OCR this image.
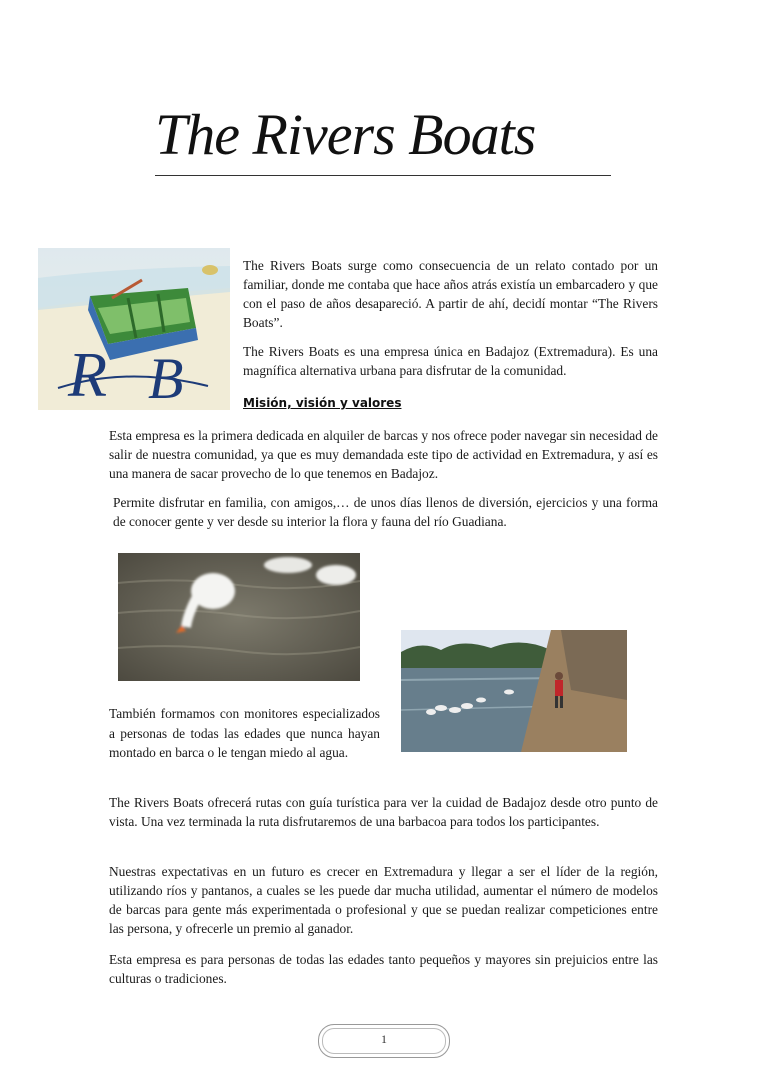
The Rivers Boats
R B

The Rivers Boats surge como consecuencia de un relato contado por un familiar, donde me contaba que hace años atrás existía un embarcadero y que con el paso de años desapareció. A partir de ahí, decidí montar “The Rivers Boats”.

The Rivers Boats es una empresa única en Badajoz (Extremadura). Es una magnífica alternativa urbana para disfrutar de la comunidad.

Misión, visión y valores

Esta empresa es la primera dedicada en alquiler de barcas y nos ofrece poder navegar sin necesidad de salir de nuestra comunidad, ya que es muy demandada este tipo de actividad en Extremadura, y así es una manera de sacar provecho de lo que tenemos en Badajoz.

Permite disfrutar en familia, con amigos,… de unos días llenos de diversión, ejercicios y una forma de conocer gente y ver desde su interior la flora y fauna del río Guadiana.

También formamos con monitores especializados a personas de todas las edades que nunca hayan montado en barca o le tengan miedo al agua.

The Rivers Boats ofrecerá rutas con guía turística para ver la cuidad de Badajoz desde otro punto de vista. Una vez terminada la ruta disfrutaremos de una barbacoa para todos los participantes.

Nuestras expectativas en un futuro es crecer en Extremadura y llegar a ser el líder de la región, utilizando ríos y pantanos, a cuales se les puede dar mucha utilidad, aumentar el número de modelos de barcas para gente más experimentada o profesional y que se puedan realizar competiciones entre las persona, y ofrecerle un premio al ganador.

Esta empresa es para personas de todas las edades tanto pequeños y mayores sin prejuicios entre las culturas o tradiciones.

1
